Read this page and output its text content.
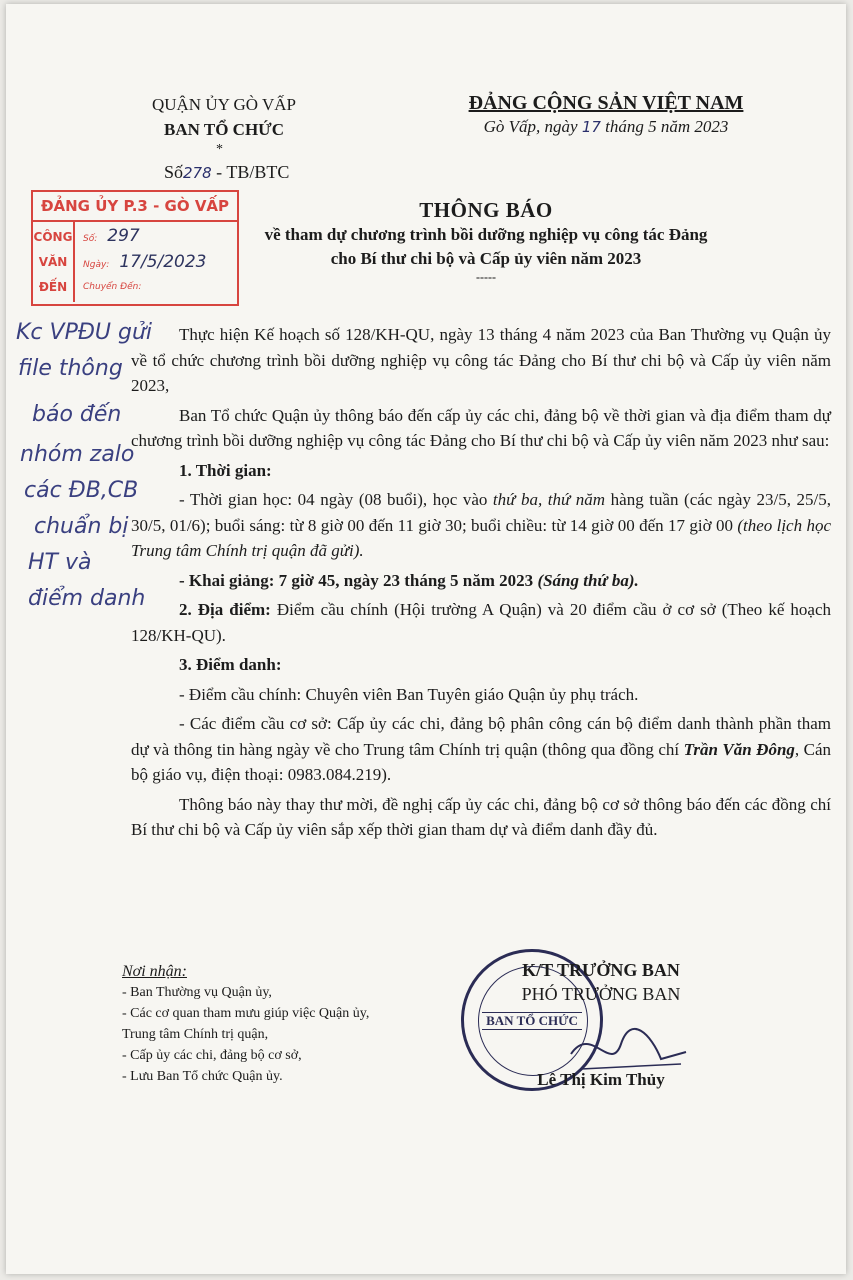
QUẬN ỦY GÒ VẤP
BAN TỔ CHỨC
*
Số278 - TB/BTC
ĐẢNG CỘNG SẢN VIỆT NAM
Gò Vấp, ngày 17 tháng 5 năm 2023
ĐẢNG ỦY P.3 - GÒ VẤP
CÔNG
VĂN
ĐẾN
Số: 297
Ngày: 17/5/2023
Chuyển Đến:
THÔNG BÁO
về tham dự chương trình bồi dưỡng nghiệp vụ công tác Đảng
cho Bí thư chi bộ và Cấp ủy viên năm 2023
-----
Kc VPĐU gửi
file thông
báo đến
nhóm zalo
các ĐB,CB
chuẩn bị
HT và
điểm danh

Thực hiện Kế hoạch số 128/KH-QU, ngày 13 tháng 4 năm 2023 của Ban Thường vụ Quận ủy về tổ chức chương trình bồi dưỡng nghiệp vụ công tác Đảng cho Bí thư chi bộ và Cấp ủy viên năm 2023,

Ban Tổ chức Quận ủy thông báo đến cấp ủy các chi, đảng bộ về thời gian và địa điểm tham dự chương trình bồi dưỡng nghiệp vụ công tác Đảng cho Bí thư chi bộ và Cấp ủy viên năm 2023 như sau:

1. Thời gian:

- Thời gian học: 04 ngày (08 buổi), học vào thứ ba, thứ năm hàng tuần (các ngày 23/5, 25/5, 30/5, 01/6); buổi sáng: từ 8 giờ 00 đến 11 giờ 30; buổi chiều: từ 14 giờ 00 đến 17 giờ 00 (theo lịch học Trung tâm Chính trị quận đã gửi).

- Khai giảng: 7 giờ 45, ngày 23 tháng 5 năm 2023 (Sáng thứ ba).

2. Địa điểm: Điểm cầu chính (Hội trường A Quận) và 20 điểm cầu ở cơ sở (Theo kế hoạch 128/KH-QU).

3. Điểm danh:

- Điểm cầu chính: Chuyên viên Ban Tuyên giáo Quận ủy phụ trách.

- Các điểm cầu cơ sở: Cấp ủy các chi, đảng bộ phân công cán bộ điểm danh thành phần tham dự và thông tin hàng ngày về cho Trung tâm Chính trị quận (thông qua đồng chí Trần Văn Đông, Cán bộ giáo vụ, điện thoại: 0983.084.219).

Thông báo này thay thư mời, đề nghị cấp ủy các chi, đảng bộ cơ sở thông báo đến các đồng chí Bí thư chi bộ và Cấp ủy viên sắp xếp thời gian tham dự và điểm danh đầy đủ.

Nơi nhận:
- Ban Thường vụ Quận ủy,
- Các cơ quan tham mưu giúp việc Quận ủy,
Trung tâm Chính trị quận,
- Cấp ủy các chi, đảng bộ cơ sở,
- Lưu Ban Tổ chức Quận ủy.
BAN TỔ CHỨC
K/T TRƯỞNG BAN
PHÓ TRƯỞNG BAN
Lê Thị Kim Thủy
